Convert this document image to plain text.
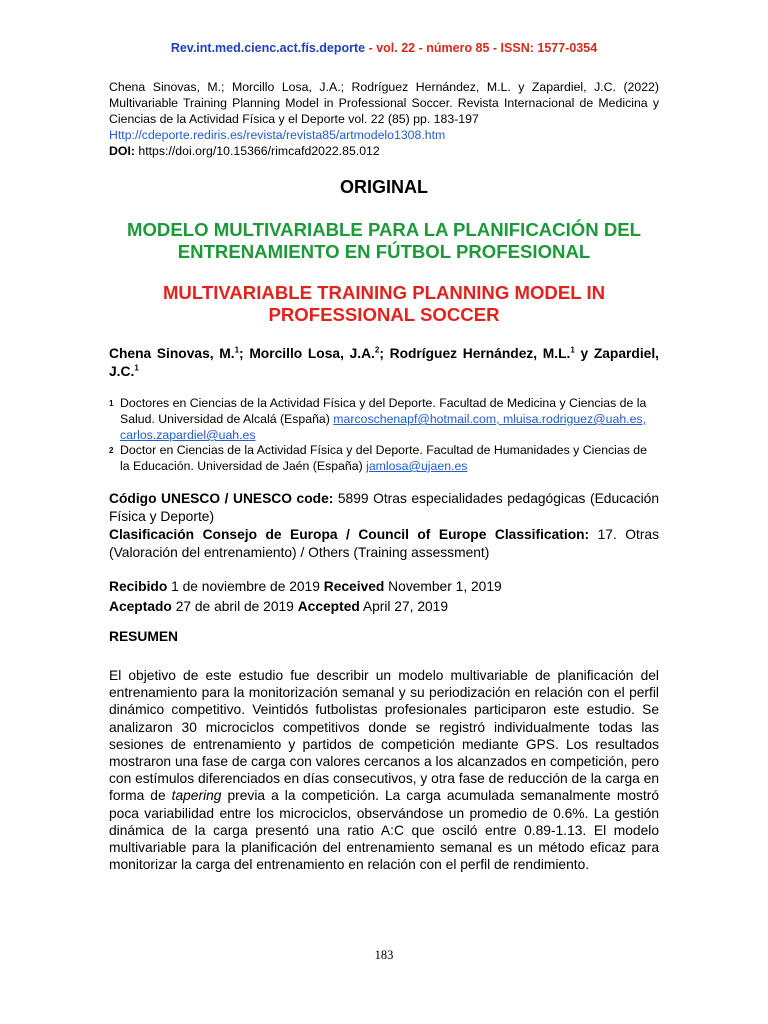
Rev.int.med.cienc.act.fís.deporte - vol. 22 - número 85 - ISSN: 1577-0354
Chena Sinovas, M.; Morcillo Losa, J.A.; Rodríguez Hernández, M.L. y Zapardiel, J.C. (2022) Multivariable Training Planning Model in Professional Soccer. Revista Internacional de Medicina y Ciencias de la Actividad Física y el Deporte vol. 22 (85) pp. 183-197
Http://cdeporte.rediris.es/revista/revista85/artmodelo1308.htm
DOI: https://doi.org/10.15366/rimcafd2022.85.012
ORIGINAL
MODELO MULTIVARIABLE PARA LA PLANIFICACIÓN DEL ENTRENAMIENTO EN FÚTBOL PROFESIONAL
MULTIVARIABLE TRAINING PLANNING MODEL IN PROFESSIONAL SOCCER
Chena Sinovas, M.$^1$; Morcillo Losa, J.A.$^2$; Rodríguez Hernández, M.L.$^1$ y Zapardiel, J.C.$^1$
1 Doctores en Ciencias de la Actividad Física y del Deporte. Facultad de Medicina y Ciencias de la Salud. Universidad de Alcalá (España) marcoschenapf@hotmail.com, mluisa.rodriguez@uah.es, carlos.zapardiel@uah.es
2 Doctor en Ciencias de la Actividad Física y del Deporte. Facultad de Humanidades y Ciencias de la Educación. Universidad de Jaén (España) jamlosa@ujaen.es
Código UNESCO / UNESCO code: 5899 Otras especialidades pedagógicas (Educación Física y Deporte)
Clasificación Consejo de Europa / Council of Europe Classification: 17. Otras (Valoración del entrenamiento) / Others (Training assessment)
Recibido 1 de noviembre de 2019 Received November 1, 2019
Aceptado 27 de abril de 2019 Accepted April 27, 2019
RESUMEN
El objetivo de este estudio fue describir un modelo multivariable de planificación del entrenamiento para la monitorización semanal y su periodización en relación con el perfil dinámico competitivo. Veintidós futbolistas profesionales participaron este estudio. Se analizaron 30 microciclos competitivos donde se registró individualmente todas las sesiones de entrenamiento y partidos de competición mediante GPS. Los resultados mostraron una fase de carga con valores cercanos a los alcanzados en competición, pero con estímulos diferenciados en días consecutivos, y otra fase de reducción de la carga en forma de tapering previa a la competición. La carga acumulada semanalmente mostró poca variabilidad entre los microciclos, observándose un promedio de 0.6%. La gestión dinámica de la carga presentó una ratio A:C que osciló entre 0.89-1.13. El modelo multivariable para la planificación del entrenamiento semanal es un método eficaz para monitorizar la carga del entrenamiento en relación con el perfil de rendimiento.
183
